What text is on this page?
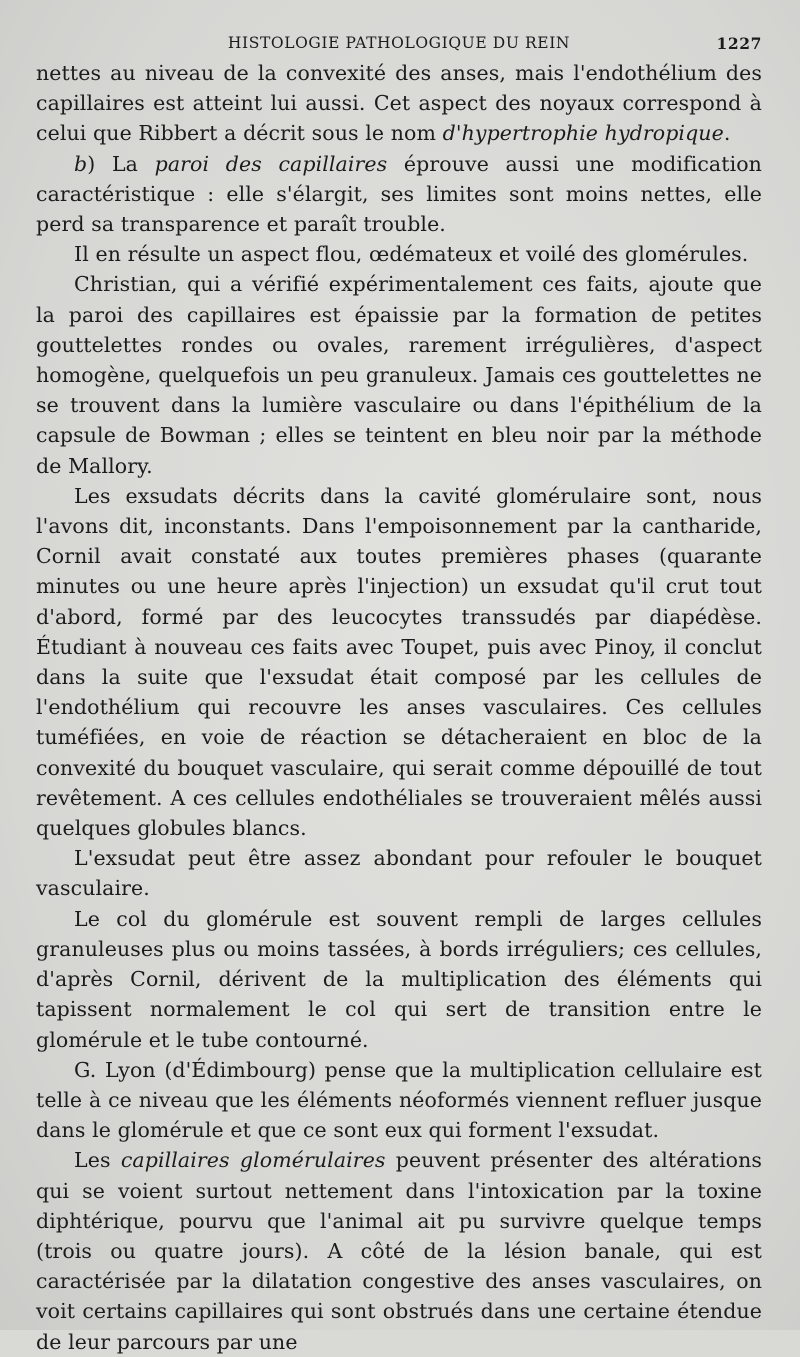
HISTOLOGIE PATHOLOGIQUE DU REIN	1227

nettes au niveau de la convexité des anses, mais l'endothélium des capillaires est atteint lui aussi. Cet aspect des noyaux correspond à celui que Ribbert a décrit sous le nom d'hypertrophie hydropique.

b) La paroi des capillaires éprouve aussi une modification caractéristique : elle s'élargit, ses limites sont moins nettes, elle perd sa transparence et paraît trouble.

Il en résulte un aspect flou, œdémateux et voilé des glomérules.

Christian, qui a vérifié expérimentalement ces faits, ajoute que la paroi des capillaires est épaissie par la formation de petites gouttelettes rondes ou ovales, rarement irrégulières, d'aspect homogène, quelquefois un peu granuleux. Jamais ces gouttelettes ne se trouvent dans la lumière vasculaire ou dans l'épithélium de la capsule de Bowman ; elles se teintent en bleu noir par la méthode de Mallory.

Les exsudats décrits dans la cavité glomérulaire sont, nous l'avons dit, inconstants. Dans l'empoisonnement par la cantharide, Cornil avait constaté aux toutes premières phases (quarante minutes ou une heure après l'injection) un exsudat qu'il crut tout d'abord, formé par des leucocytes transsudés par diapédèse. Étudiant à nouveau ces faits avec Toupet, puis avec Pinoy, il conclut dans la suite que l'exsudat était composé par les cellules de l'endothélium qui recouvre les anses vasculaires. Ces cellules tuméfiées, en voie de réaction se détacheraient en bloc de la convexité du bouquet vasculaire, qui serait comme dépouillé de tout revêtement. A ces cellules endothéliales se trouveraient mêlés aussi quelques globules blancs.

L'exsudat peut être assez abondant pour refouler le bouquet vasculaire.

Le col du glomérule est souvent rempli de larges cellules granuleuses plus ou moins tassées, à bords irréguliers; ces cellules, d'après Cornil, dérivent de la multiplication des éléments qui tapissent normalement le col qui sert de transition entre le glomérule et le tube contourné.

G. Lyon (d'Édimbourg) pense que la multiplication cellulaire est telle à ce niveau que les éléments néoformés viennent refluer jusque dans le glomérule et que ce sont eux qui forment l'exsudat.

Les capillaires glomérulaires peuvent présenter des altérations qui se voient surtout nettement dans l'intoxication par la toxine diphtérique, pourvu que l'animal ait pu survivre quelque temps (trois ou quatre jours). A côté de la lésion banale, qui est caractérisée par la dilatation congestive des anses vasculaires, on voit certains capillaires qui sont obstrués dans une certaine étendue de leur parcours par une
